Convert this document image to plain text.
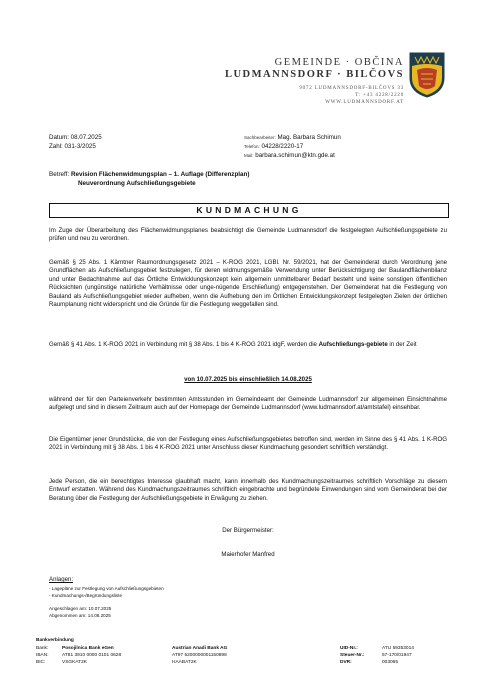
GEMEINDE · OBČINA
LUDMANNSDORF · BILČOVS
9072 LUDMANNSDORF-BILČOVS 33
T: +43 4228/2220
WWW.LUDMANNSDORF.AT
Datum: 08.07.2025
Zahl: 031-3/2025
Sachbearbeiter: Mag. Barbara Schimun
Telefon: 04228/2220-17
Mail: barbara.schimun@ktn.gde.at
Betreff: Revision Flächenwidmungsplan – 1. Auflage (Differenzplan)
Neuverordnung Aufschließungsgebiete
KUNDMACHUNG
Im Zuge der Überarbeitung des Flächenwidmungsplanes beabsichtigt die Gemeinde Ludmannsdorf die festgelegten Aufschließungsgebiete zu prüfen und neu zu verordnen.
Gemäß § 25 Abs. 1 Kärntner Raumordnungsgesetz 2021 – K-ROG 2021, LGBl. Nr. 59/2021, hat der Gemeinderat durch Verordnung jene Grundflächen als Aufschließungsgebiet festzulegen, für deren widmungsgemäße Verwendung unter Berücksichtigung der Baulandflächenbilanz und unter Bedachtnahme auf das Örtliche Entwicklungskonzept kein allgemein unmittelbarer Bedarf besteht und keine sonstigen öffentlichen Rücksichten (ungünstige natürliche Verhältnisse oder unge-nügende Erschließung) entgegenstehen. Der Gemeinderat hat die Festlegung von Bauland als Aufschließungsgebiet wieder aufheben, wenn die Aufhebung den im Örtlichen Entwicklungskonzept festgelegten Zielen der örtlichen Raumplanung nicht widerspricht und die Gründe für die Festlegung weggefallen sind.
Gemäß § 41 Abs. 1 K-ROG 2021 in Verbindung mit § 38 Abs. 1 bis 4 K-ROG 2021 idgF, werden die Aufschließungs-gebiete in der Zeit
von 10.07.2025 bis einschließlich 14.08.2025
während der für den Parteienverkehr bestimmten Amtsstunden im Gemeindeamt der Gemeinde Ludmannsdorf zur allgemeinen Einsichtnahme aufgelegt und sind in diesem Zeitraum auch auf der Homepage der Gemeinde Ludmannsdorf (www.ludmannsdorf.at/amtstafel) einsehbar.
Die Eigentümer jener Grundstücke, die von der Festlegung eines Aufschließungsgebietes betroffen sind, werden im Sinne des § 41 Abs. 1 K-ROG 2021 in Verbindung mit § 38 Abs. 1 bis 4 K-ROG 2021 unter Anschluss dieser Kundmachung gesondert schriftlich verständigt.
Jede Person, die ein berechtigtes Interesse glaubhaft macht, kann innerhalb des Kundmachungszeitraumes schriftlich Vorschläge zu diesem Entwurf erstatten. Während des Kundmachungszeitraumes schriftlich eingebrachte und begründete Einwendungen sind vom Gemeinderat bei der Beratung über die Festlegung der Aufschließungsgebiete in Erwägung zu ziehen.
Der Bürgermeister:
Maierhofer Manfred
Anlagen:
- Lagepläne zur Festlegung von Aufschließungsgebieten
- Kundmachungs-/Begründungsliste
Angeschlagen am: 10.07.2025
Abgenommen am: 14.08.2025
Bankverbindung
Bank:
IBAN:
BIC:
Posojilnica Bank eGen
AT81 3910 0000 0101 0628
VSGKAT2K
Austrian Anadi Bank AG
AT97 5200000001150898
HAABAT2K
UID-Nr.:
Steuer-Nr.:
DVR:
ATU 59353014
57-170/01947
003065
